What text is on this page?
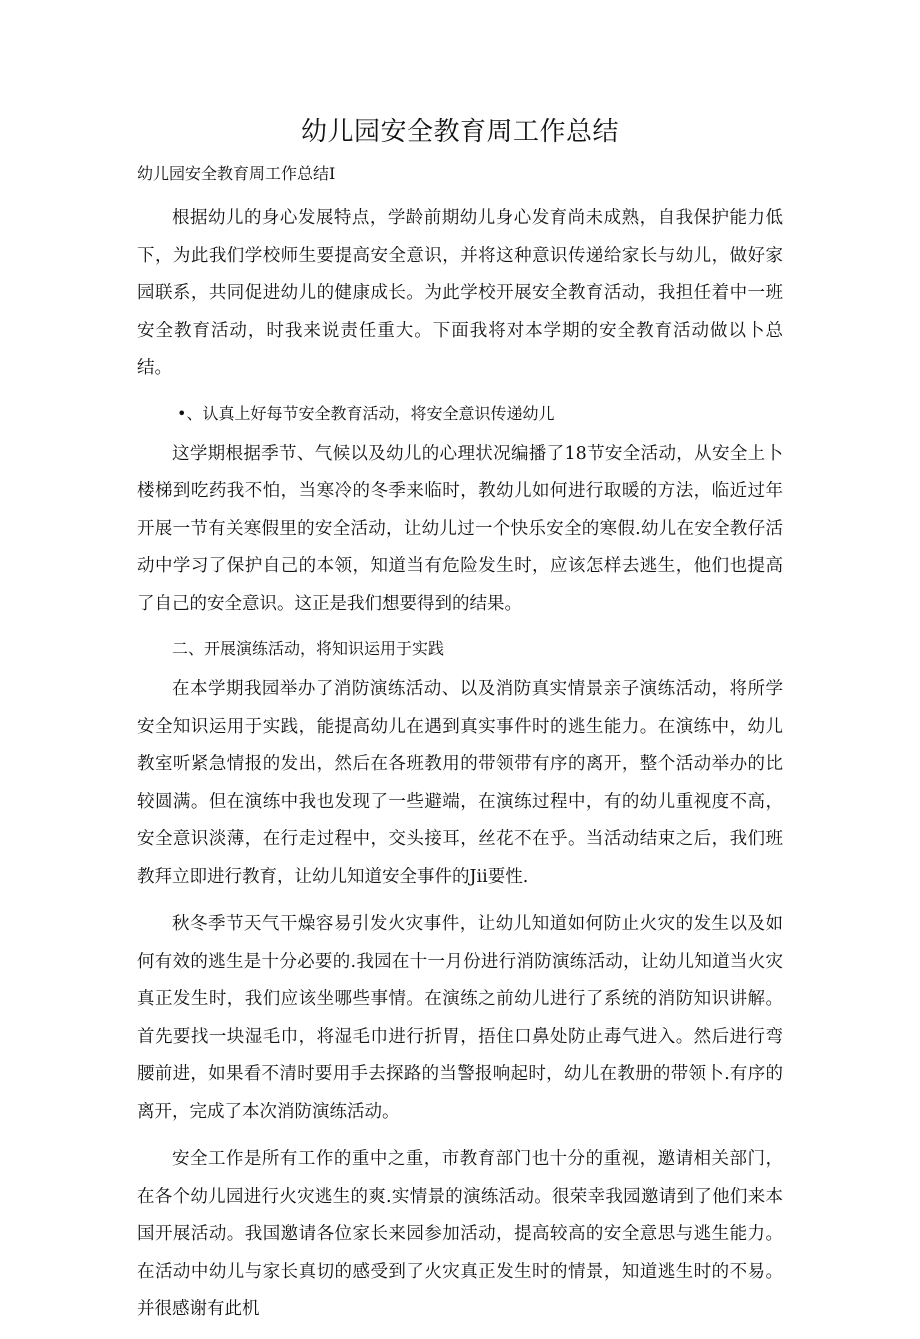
幼儿园安全教育周工作总结

幼儿园安全教育周工作总结I

根据幼儿的身心发展特点，学龄前期幼儿身心发育尚未成熟，自我保护能力低下，为此我们学校师生要提高安全意识，并将这种意识传递给家长与幼儿，做好家园联系，共同促进幼儿的健康成长。为此学校开展安全教育活动，我担任着中一班安全教育活动，时我来说责任重大。下面我将对本学期的安全教育活动做以卜总结。

•、认真上好每节安全教育活动，将安全意识传递幼儿

这学期根据季节、气候以及幼儿的心理状况编播了18节安全活动，从安全上卜楼梯到吃药我不怕，当寒冷的冬季来临时，教幼儿如何进行取暖的方法，临近过年开展一节有关寒假里的安全活动，让幼儿过一个快乐安全的寒假.幼儿在安全教仔活动中学习了保护自己的本领，知道当有危险发生时，应该怎样去逃生，他们也提高了自己的安全意识。这正是我们想要得到的结果。

二、开展演练活动，将知识运用于实践

在本学期我园举办了消防演练活动、以及消防真实情景亲子演练活动，将所学安全知识运用于实践，能提高幼儿在遇到真实事件时的逃生能力。在演练中，幼儿教室听紧急情报的发出，然后在各班教用的带领带有序的离开，整个活动举办的比较圆满。但在演练中我也发现了一些避端，在演练过程中，有的幼儿重视度不高，安全意识淡薄，在行走过程中，交头接耳，丝花不在乎。当活动结束之后，我们班教拜立即进行教育，让幼儿知道安全事件的Jii要性.

秋冬季节天气干燥容易引发火灾事件，让幼儿知道如何防止火灾的发生以及如何有效的逃生是十分必要的.我园在十一月份进行消防演练活动，让幼儿知道当火灾真正发生时，我们应该坐哪些事情。在演练之前幼儿进行了系统的消防知识讲解。首先要找一块湿毛巾，将湿毛巾进行折胃，捂住口鼻处防止毒气进入。然后进行弯腰前进，如果看不清时要用手去探路的当警报响起时，幼儿在教册的带领卜.有序的离开，完成了本次消防演练活动。

安全工作是所有工作的重中之重，市教育部门也十分的重视，邀请相关部门，在各个幼儿园进行火灾逃生的爽.实情景的演练活动。很荣幸我园邀请到了他们来本国开展活动。我国邀请各位家长来园参加活动，提高较高的安全意思与逃生能力。在活动中幼儿与家长真切的感受到了火灾真正发生时的情景，知道逃生时的不易。并很感谢有此机
